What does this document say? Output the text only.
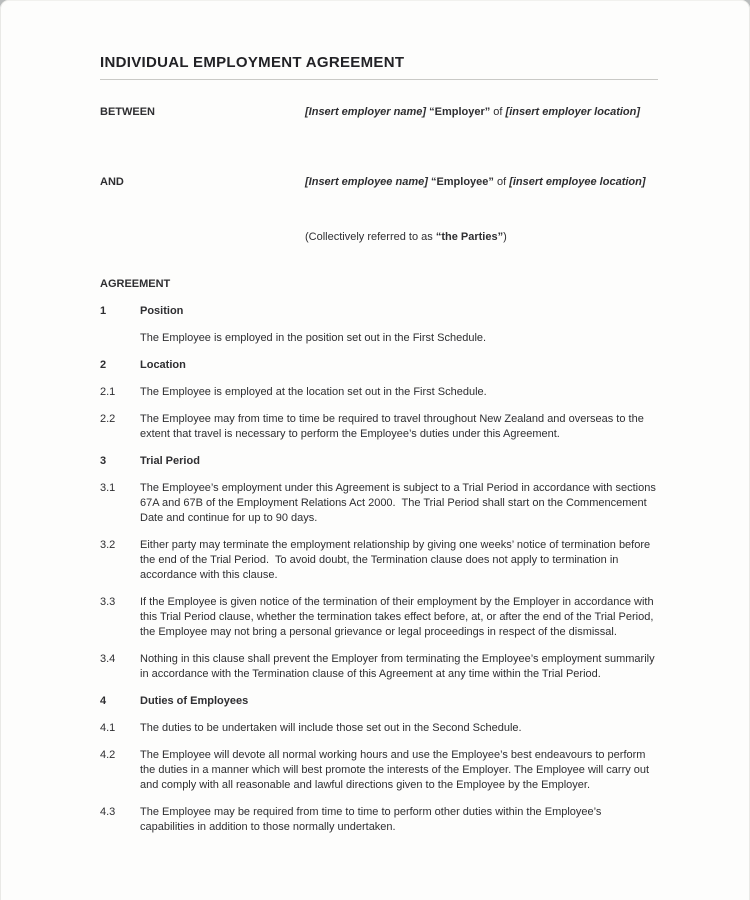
INDIVIDUAL EMPLOYMENT AGREEMENT
BETWEEN	[Insert employer name] “Employer” of [insert employer location]
AND	[Insert employee name] “Employee” of [insert employee location]
(Collectively referred to as “the Parties”)
AGREEMENT
1	Position
The Employee is employed in the position set out in the First Schedule.
2	Location
2.1	The Employee is employed at the location set out in the First Schedule.
2.2	The Employee may from time to time be required to travel throughout New Zealand and overseas to the extent that travel is necessary to perform the Employee’s duties under this Agreement.
3	Trial Period
3.1	The Employee’s employment under this Agreement is subject to a Trial Period in accordance with sections 67A and 67B of the Employment Relations Act 2000.  The Trial Period shall start on the Commencement Date and continue for up to 90 days.
3.2	Either party may terminate the employment relationship by giving one weeks’ notice of termination before the end of the Trial Period.  To avoid doubt, the Termination clause does not apply to termination in accordance with this clause.
3.3	If the Employee is given notice of the termination of their employment by the Employer in accordance with this Trial Period clause, whether the termination takes effect before, at, or after the end of the Trial Period, the Employee may not bring a personal grievance or legal proceedings in respect of the dismissal.
3.4	Nothing in this clause shall prevent the Employer from terminating the Employee’s employment summarily in accordance with the Termination clause of this Agreement at any time within the Trial Period.
4	Duties of Employees
4.1	The duties to be undertaken will include those set out in the Second Schedule.
4.2	The Employee will devote all normal working hours and use the Employee’s best endeavours to perform the duties in a manner which will best promote the interests of the Employer. The Employee will carry out and comply with all reasonable and lawful directions given to the Employee by the Employer.
4.3	The Employee may be required from time to time to perform other duties within the Employee’s capabilities in addition to those normally undertaken.
